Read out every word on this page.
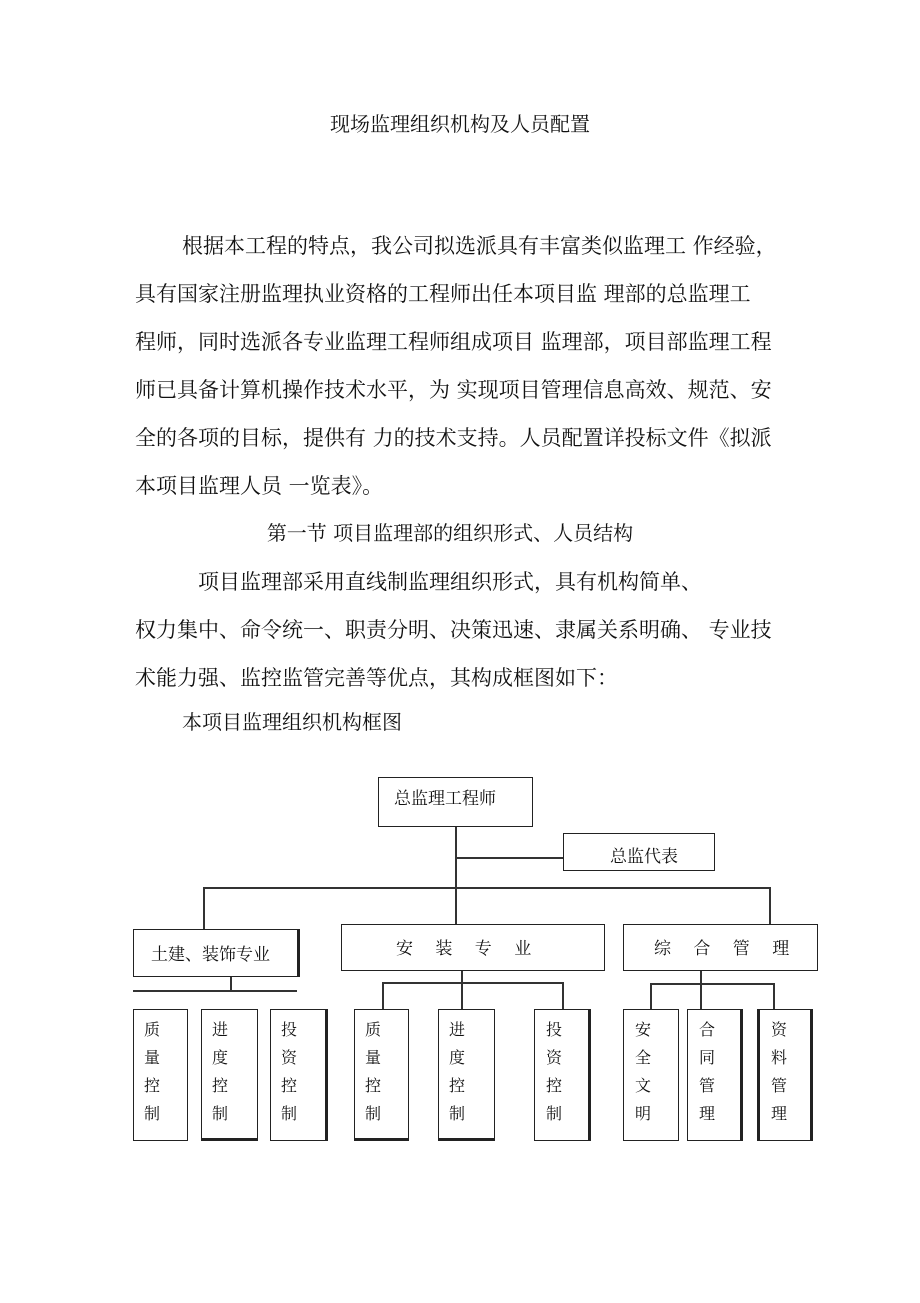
现场监理组织机构及人员配置
根据本工程的特点，我公司拟选派具有丰富类似监理工 作经验，
具有国家注册监理执业资格的工程师出任本项目监 理部的总监理工
程师，同时选派各专业监理工程师组成项目 监理部，项目部监理工程
师已具备计算机操作技术水平，为 实现项目管理信息高效、规范、安
全的各项的目标，提供有 力的技术支持。人员配置详投标文件《拟派
本项目监理人员 一览表》。
第一节 项目监理部的组织形式、人员结构
项目监理部采用直线制监理组织形式，具有机构简单、
权力集中、命令统一、职责分明、决策迅速、隶属关系明确、 专业技
术能力强、监控监管完善等优点，其构成框图如下：
本项目监理组织机构框图
总监理工程师
总监代表
土建、装饰专业	安　 装　 专　 业	综　 合　 管　 理
质量控制
进度控制
投资控制
质量控制
进度控制
投资控制
安全文明
合同管理
资料管理
